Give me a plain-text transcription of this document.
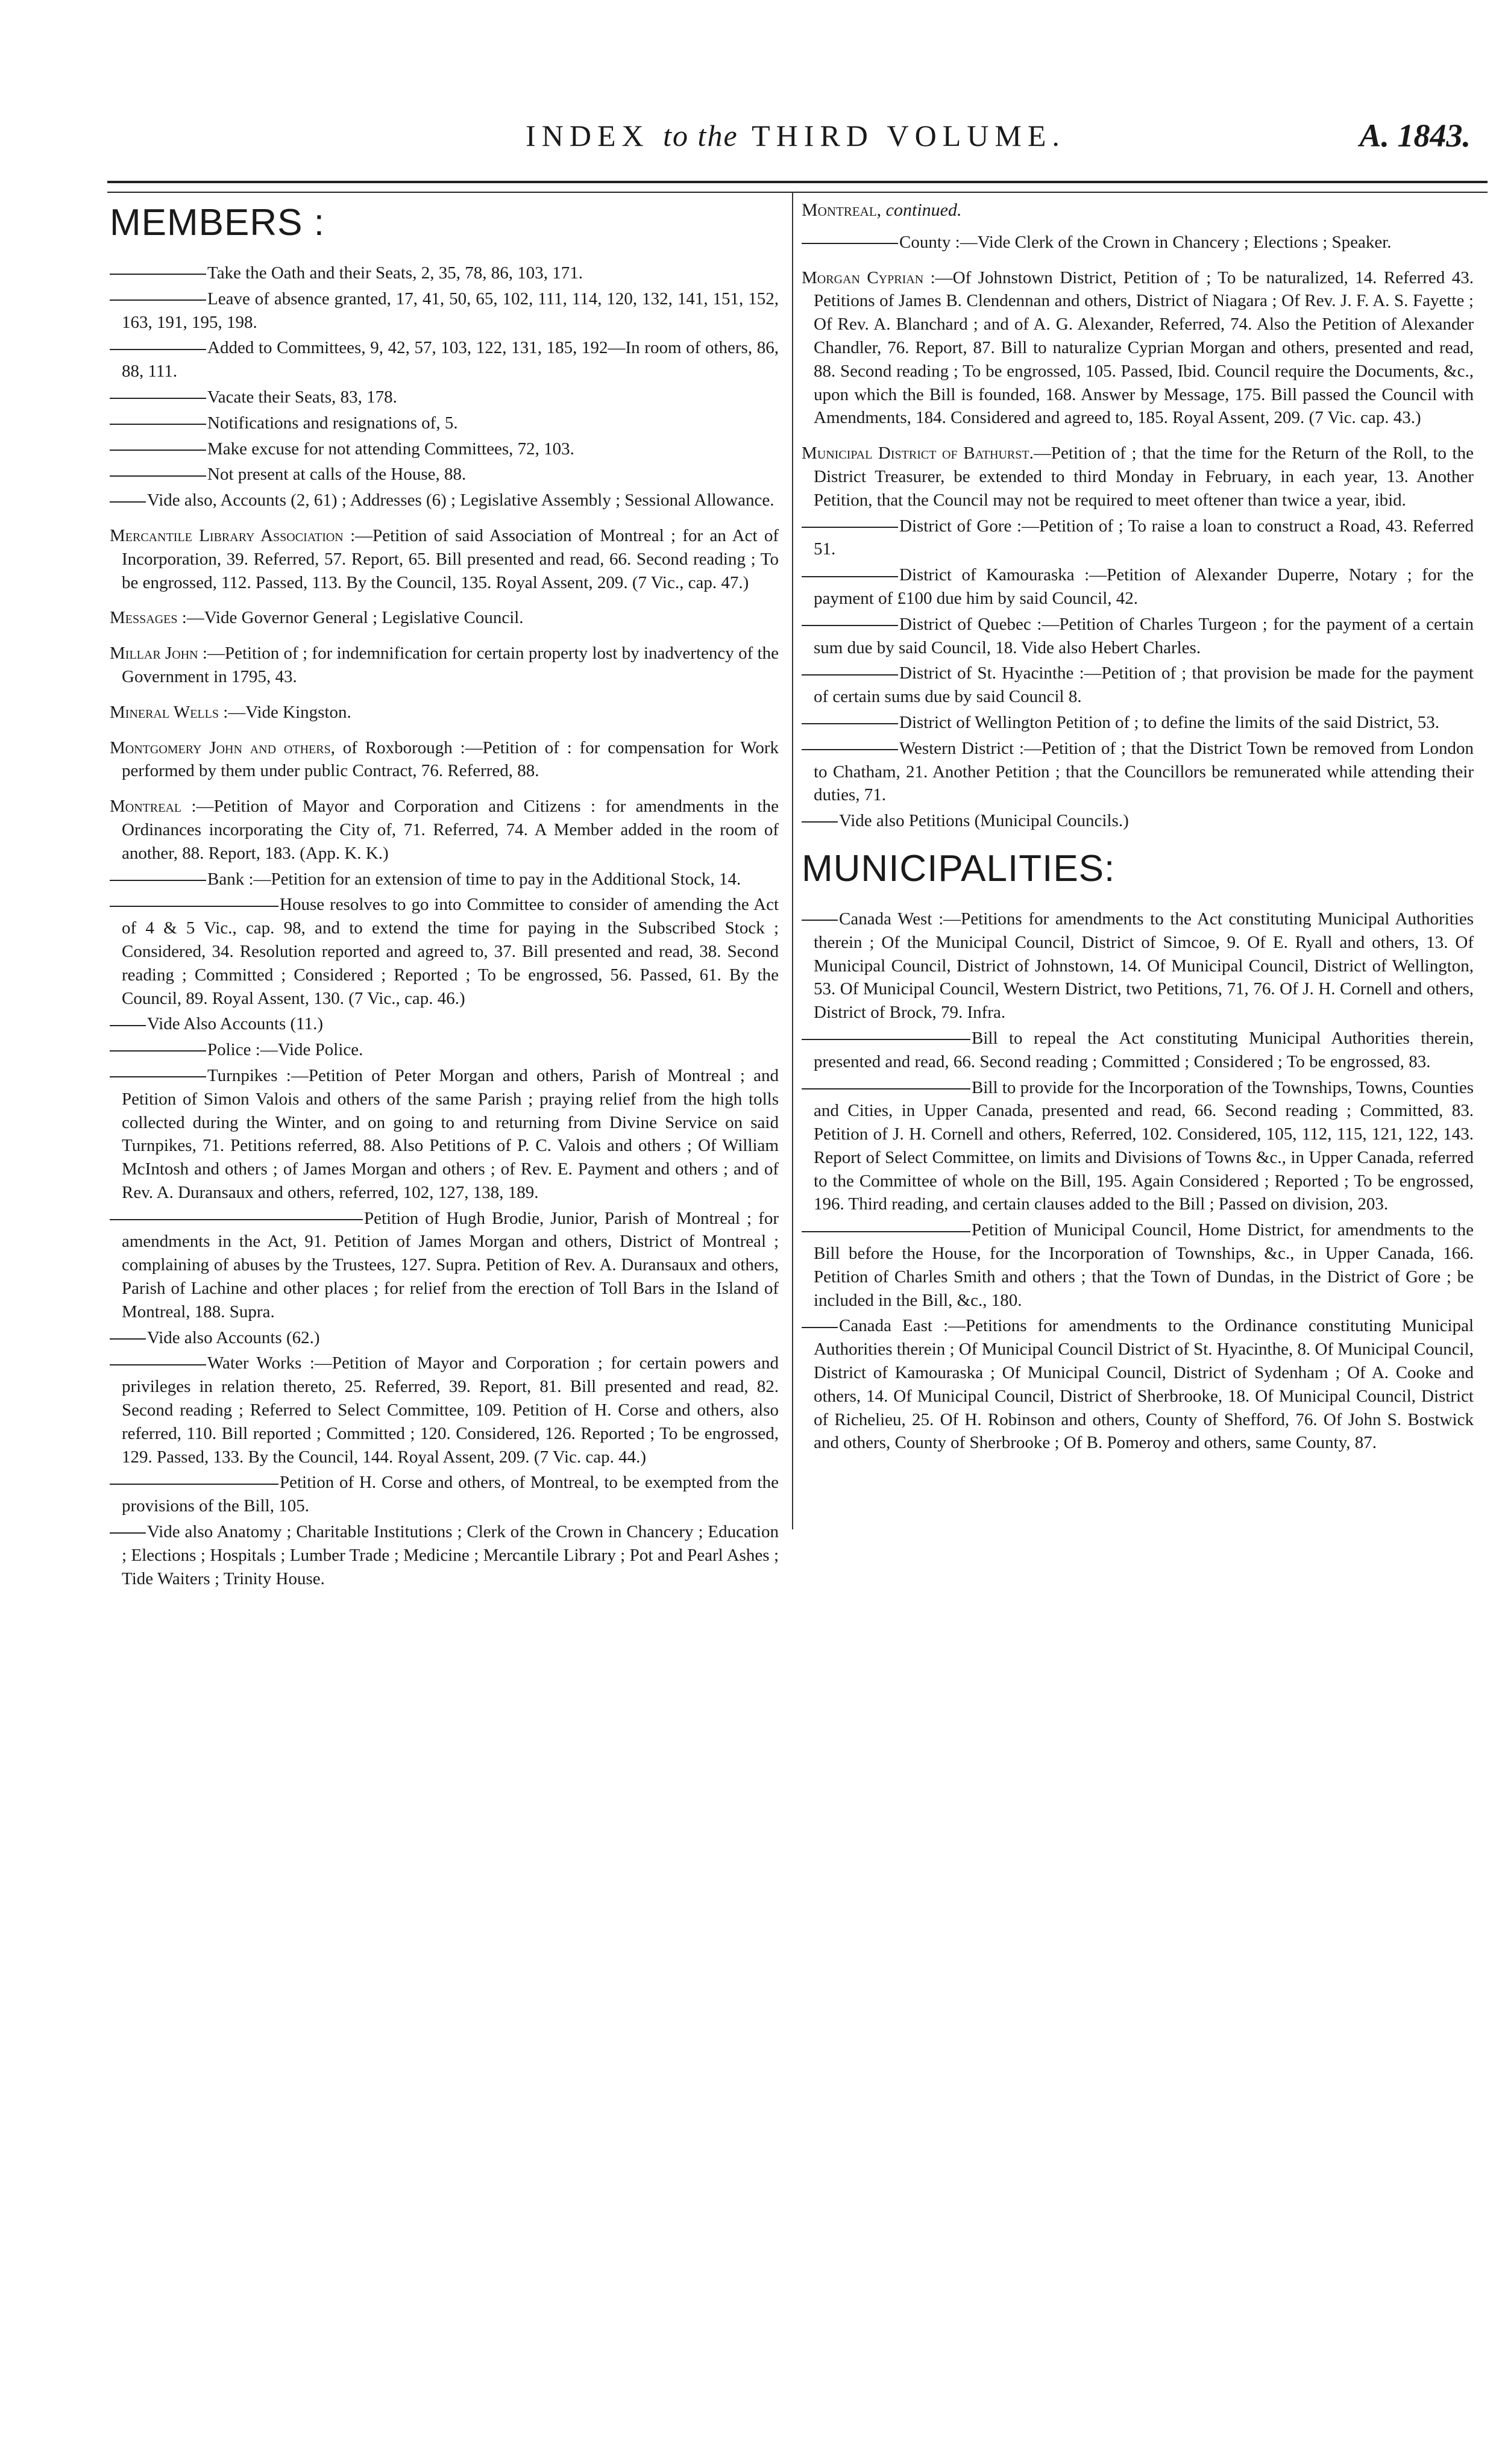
INDEX to the THIRD VOLUME.	A. 1843.
MEMBERS :
Take the Oath and their Seats, 2, 35, 78, 86, 103, 171.
Leave of absence granted, 17, 41, 50, 65, 102, 111, 114, 120, 132, 141, 151, 152, 163, 191, 195, 198.
Added to Committees, 9, 42, 57, 103, 122, 131, 185, 192—In room of others, 86, 88, 111.
Vacate their Seats, 83, 178.
Notifications and resignations of, 5.
Make excuse for not attending Committees, 72, 103.
Not present at calls of the House, 88.
Vide also, Accounts (2, 61) ; Addresses (6) ; Legislative Assembly ; Sessional Allowance.
Mercantile Library Association :—Petition of said Association of Montreal ; for an Act of Incorporation, 39. Referred, 57. Report, 65. Bill presented and read, 66. Second reading ; To be engrossed, 112. Passed, 113. By the Council, 135. Royal Assent, 209. (7 Vic., cap. 47.)
Messages :—Vide Governor General ; Legislative Council.
Millar John :—Petition of ; for indemnification for certain property lost by inadvertency of the Government in 1795, 43.
Mineral Wells :—Vide Kingston.
Montgomery John and others, of Roxborough :—Petition of : for compensation for Work performed by them under public Contract, 76. Referred, 88.
Montreal :—Petition of Mayor and Corporation and Citizens : for amendments in the Ordinances incorporating the City of, 71. Referred, 74. A Member added in the room of another, 88. Report, 183. (App. K. K.)
Bank :—Petition for an extension of time to pay in the Additional Stock, 14.
House resolves to go into Committee to consider of amending the Act of 4 & 5 Vic., cap. 98, and to extend the time for paying in the Subscribed Stock ; Considered, 34. Resolution reported and agreed to, 37. Bill presented and read, 38. Second reading ; Committed ; Considered ; Reported ; To be engrossed, 56. Passed, 61. By the Council, 89. Royal Assent, 130. (7 Vic., cap. 46.)
Vide Also Accounts (11.)
Police :—Vide Police.
Turnpikes :—Petition of Peter Morgan and others, Parish of Montreal ; and Petition of Simon Valois and others of the same Parish ; praying relief from the high tolls collected during the Winter, and on going to and returning from Divine Service on said Turnpikes, 71. Petitions referred, 88. Also Petitions of P. C. Valois and others ; Of William McIntosh and others ; of James Morgan and others ; of Rev. E. Payment and others ; and of Rev. A. Duransaux and others, referred, 102, 127, 138, 189.
Petition of Hugh Brodie, Junior, Parish of Montreal ; for amendments in the Act, 91. Petition of James Morgan and others, District of Montreal ; complaining of abuses by the Trustees, 127. Supra. Petition of Rev. A. Duransaux and others, Parish of Lachine and other places ; for relief from the erection of Toll Bars in the Island of Montreal, 188. Supra.
Vide also Accounts (62.)
Water Works :—Petition of Mayor and Corporation ; for certain powers and privileges in relation thereto, 25. Referred, 39. Report, 81. Bill presented and read, 82. Second reading ; Referred to Select Committee, 109. Petition of H. Corse and others, also referred, 110. Bill reported ; Committed ; 120. Considered, 126. Reported ; To be engrossed, 129. Passed, 133. By the Council, 144. Royal Assent, 209. (7 Vic. cap. 44.)
Petition of H. Corse and others, of Montreal, to be exempted from the provisions of the Bill, 105.
Vide also Anatomy ; Charitable Institutions ; Clerk of the Crown in Chancery ; Education ; Elections ; Hospitals ; Lumber Trade ; Medicine ; Mercantile Library ; Pot and Pearl Ashes ; Tide Waiters ; Trinity House.
Montreal, continued.
County :—Vide Clerk of the Crown in Chancery ; Elections ; Speaker.
Morgan Cyprian :—Of Johnstown District, Petition of ; To be naturalized, 14. Referred 43. Petitions of James B. Clendennan and others, District of Niagara ; Of Rev. J. F. A. S. Fayette ; Of Rev. A. Blanchard ; and of A. G. Alexander, Referred, 74. Also the Petition of Alexander Chandler, 76. Report, 87. Bill to naturalize Cyprian Morgan and others, presented and read, 88. Second reading ; To be engrossed, 105. Passed, Ibid. Council require the Documents, &c., upon which the Bill is founded, 168. Answer by Message, 175. Bill passed the Council with Amendments, 184. Considered and agreed to, 185. Royal Assent, 209. (7 Vic. cap. 43.)
Municipal District of Bathurst.—Petition of ; that the time for the Return of the Roll, to the District Treasurer, be extended to third Monday in February, in each year, 13. Another Petition, that the Council may not be required to meet oftener than twice a year, ibid.
District of Gore :—Petition of ; To raise a loan to construct a Road, 43. Referred 51.
District of Kamouraska :—Petition of Alexander Duperre, Notary ; for the payment of £100 due him by said Council, 42.
District of Quebec :—Petition of Charles Turgeon ; for the payment of a certain sum due by said Council, 18. Vide also Hebert Charles.
District of St. Hyacinthe :—Petition of ; that provision be made for the payment of certain sums due by said Council 8.
District of Wellington Petition of ; to define the limits of the said District, 53.
Western District :—Petition of ; that the District Town be removed from London to Chatham, 21. Another Petition ; that the Councillors be remunerated while attending their duties, 71.
Vide also Petitions (Municipal Councils.)
MUNICIPALITIES:
Canada West :—Petitions for amendments to the Act constituting Municipal Authorities therein ; Of the Municipal Council, District of Simcoe, 9. Of E. Ryall and others, 13. Of Municipal Council, District of Johnstown, 14. Of Municipal Council, District of Wellington, 53. Of Municipal Council, Western District, two Petitions, 71, 76. Of J. H. Cornell and others, District of Brock, 79. Infra.
Bill to repeal the Act constituting Municipal Authorities therein, presented and read, 66. Second reading ; Committed ; Considered ; To be engrossed, 83.
Bill to provide for the Incorporation of the Townships, Towns, Counties and Cities, in Upper Canada, presented and read, 66. Second reading ; Committed, 83. Petition of J. H. Cornell and others, Referred, 102. Considered, 105, 112, 115, 121, 122, 143. Report of Select Committee, on limits and Divisions of Towns &c., in Upper Canada, referred to the Committee of whole on the Bill, 195. Again Considered ; Reported ; To be engrossed, 196. Third reading, and certain clauses added to the Bill ; Passed on division, 203.
Petition of Municipal Council, Home District, for amendments to the Bill before the House, for the Incorporation of Townships, &c., in Upper Canada, 166. Petition of Charles Smith and others ; that the Town of Dundas, in the District of Gore ; be included in the Bill, &c., 180.
Canada East :—Petitions for amendments to the Ordinance constituting Municipal Authorities therein ; Of Municipal Council District of St. Hyacinthe, 8. Of Municipal Council, District of Kamouraska ; Of Municipal Council, District of Sydenham ; Of A. Cooke and others, 14. Of Municipal Council, District of Sherbrooke, 18. Of Municipal Council, District of Richelieu, 25. Of H. Robinson and others, County of Shefford, 76. Of John S. Bostwick and others, County of Sherbrooke ; Of B. Pomeroy and others, same County, 87.
